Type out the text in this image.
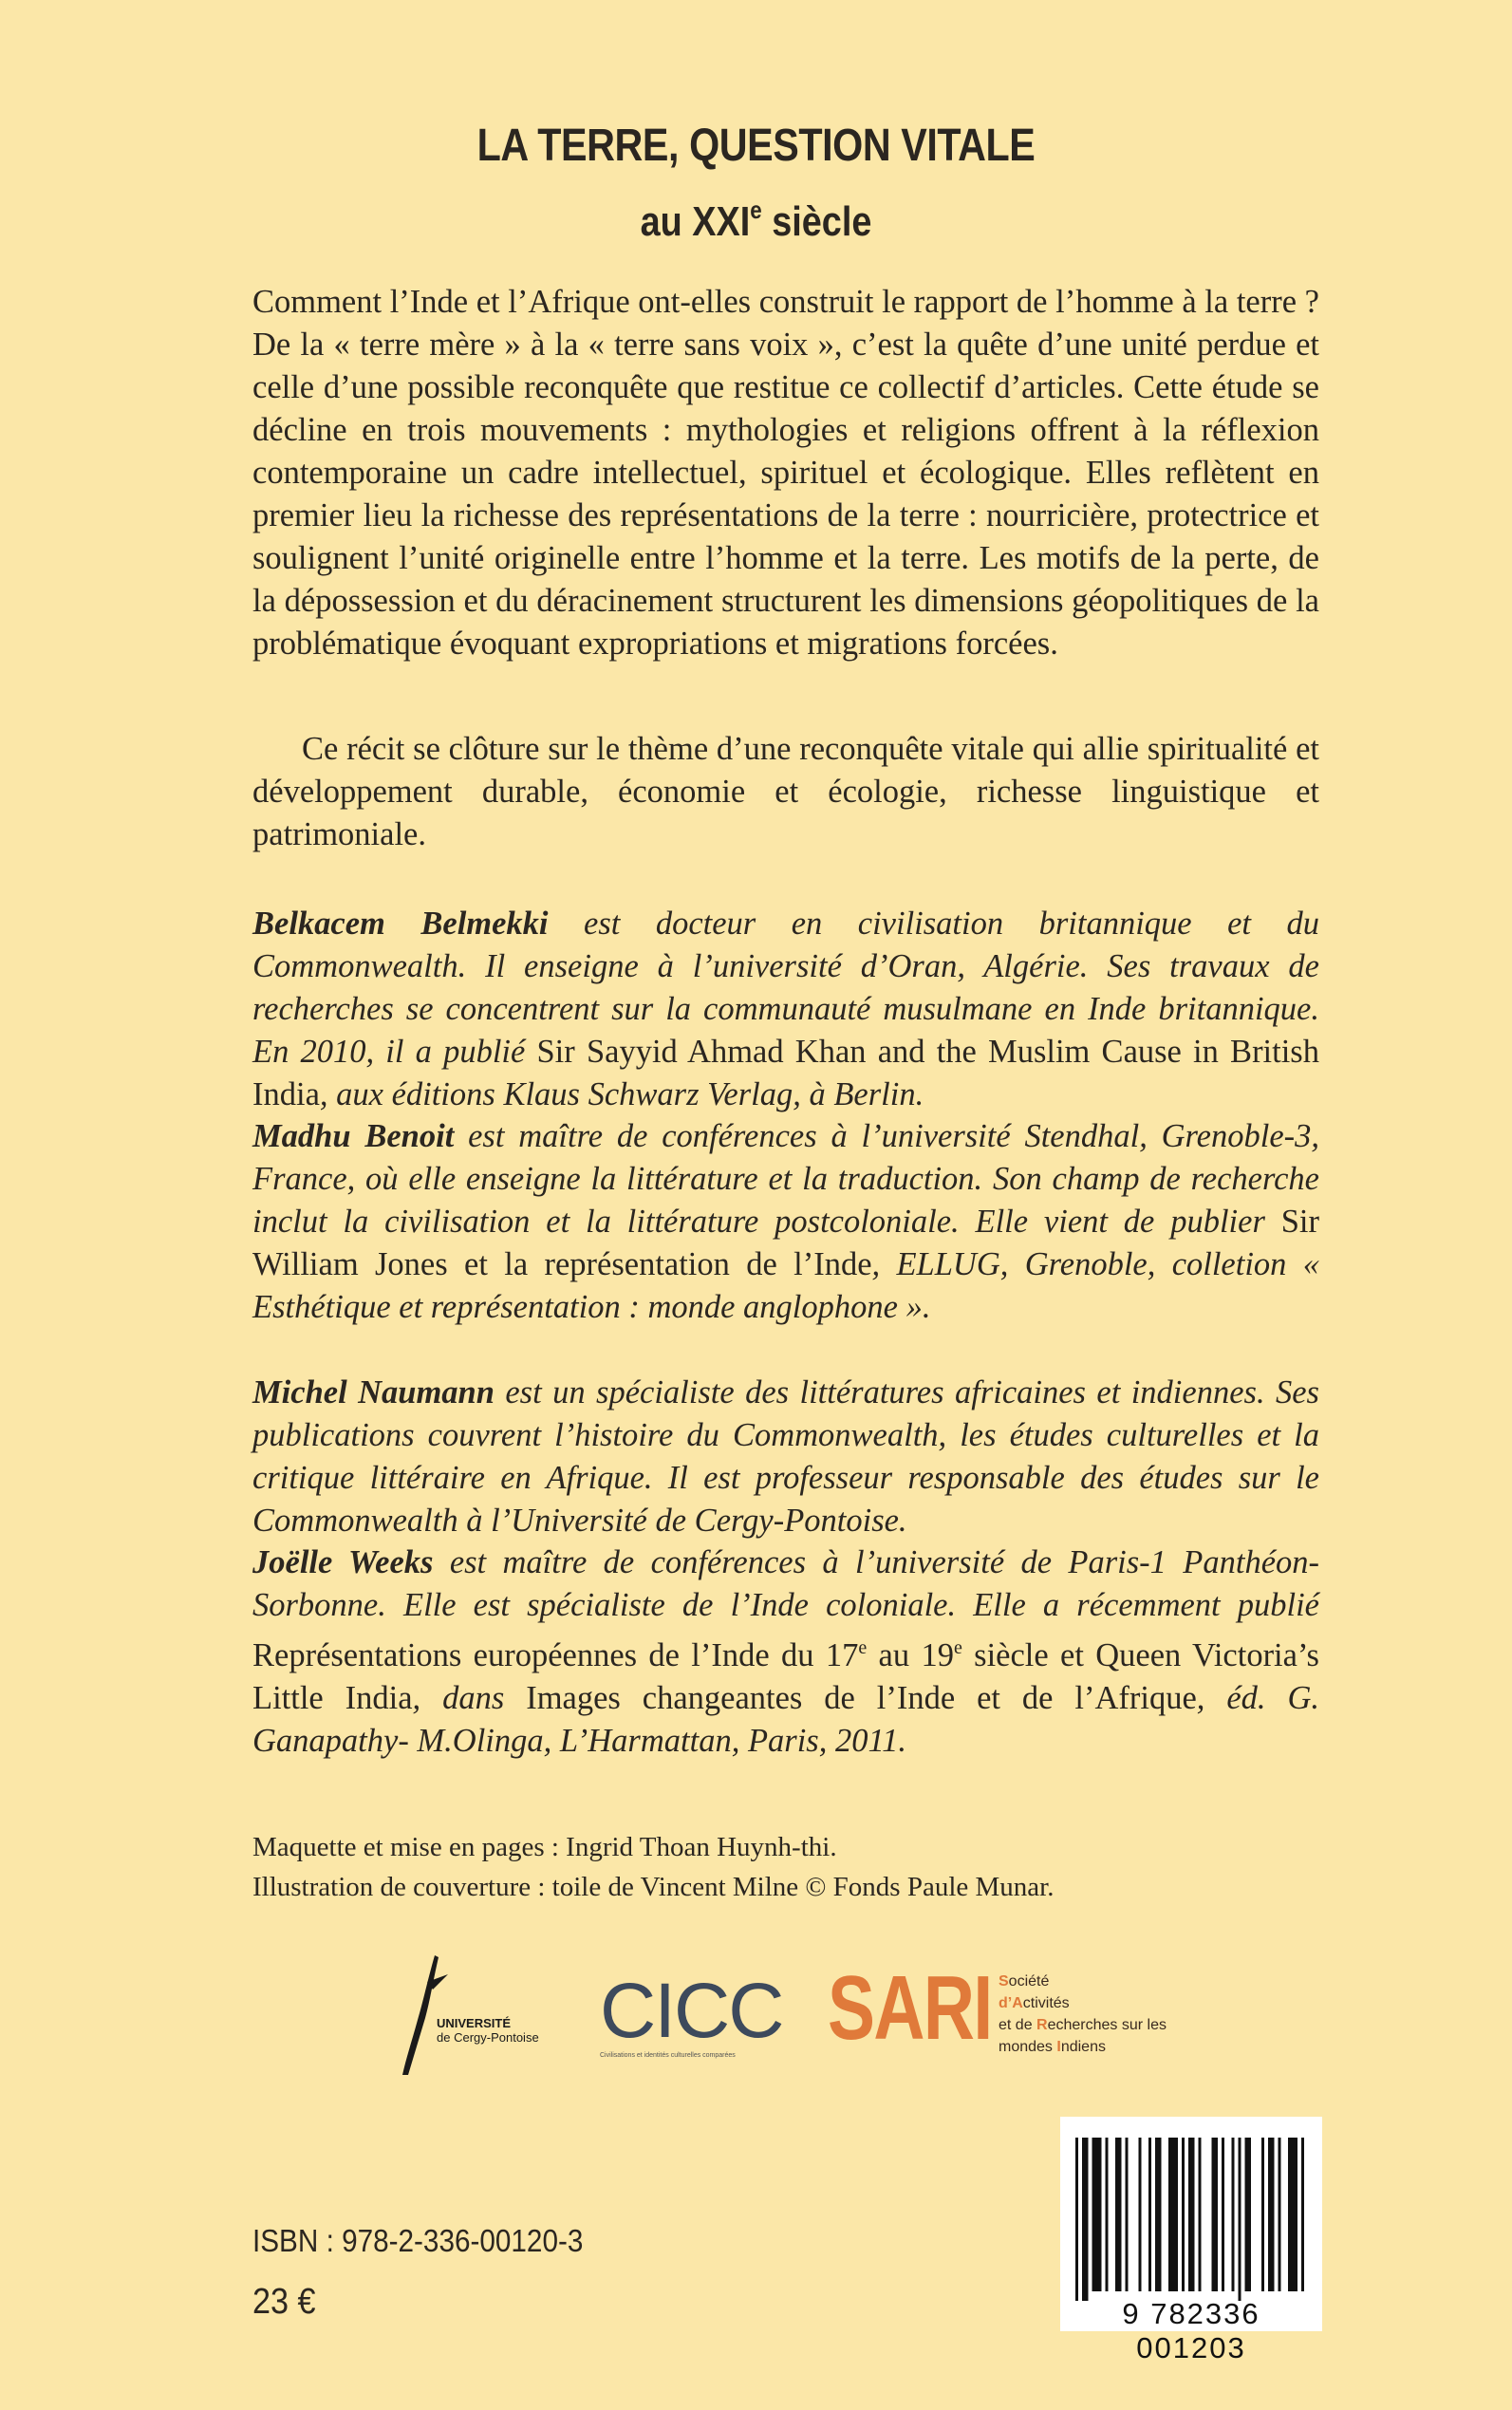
LA TERRE, QUESTION VITALE
au XXIe siècle
Comment l’Inde et l’Afrique ont-elles construit le rapport de l’homme à la terre ? De la « terre mère » à la « terre sans voix », c’est la quête d’une unité perdue et celle d’une possible reconquête que restitue ce collectif d’articles. Cette étude se décline en trois mouvements : mythologies et religions offrent à la réflexion contemporaine un cadre intellectuel, spirituel et écologique. Elles reflètent en premier lieu la richesse des représentations de la terre : nourricière, protectrice et soulignent l’unité originelle entre l’homme et la terre. Les motifs de la perte, de la dépossession et du déracinement structurent les dimensions géopolitiques de la problématique évoquant expropriations et migrations forcées.
Ce récit se clôture sur le thème d’une reconquête vitale qui allie spiritualité et développement durable, économie et écologie, richesse linguistique et patrimoniale.
Belkacem Belmekki est docteur en civilisation britannique et du Commonwealth. Il enseigne à l’université d’Oran, Algérie. Ses travaux de recherches se concentrent sur la communauté musulmane en Inde britannique. En 2010, il a publié Sir Sayyid Ahmad Khan and the Muslim Cause in British India, aux éditions Klaus Schwarz Verlag, à Berlin.
Madhu Benoit est maître de conférences à l’université Stendhal, Grenoble-3, France, où elle enseigne la littérature et la traduction. Son champ de recherche inclut la civilisation et la littérature postcoloniale. Elle vient de publier Sir William Jones et la représentation de l’Inde, ELLUG, Grenoble, colletion « Esthétique et représentation : monde anglophone ».
Michel Naumann est un spécialiste des littératures africaines et indiennes. Ses publications couvrent l’histoire du Commonwealth, les études culturelles et la critique littéraire en Afrique. Il est professeur responsable des études sur le Commonwealth à l’Université de Cergy-Pontoise.
Joëlle Weeks est maître de conférences à l’université de Paris-1 Panthéon-Sorbonne. Elle est spécialiste de l’Inde coloniale. Elle a récemment publié Représentations européennes de l’Inde du 17e au 19e siècle et Queen Victoria’s Little India, dans Images changeantes de l’Inde et de l’Afrique, éd. G. Ganapathy- M.Olinga, L’Harmattan, Paris, 2011.
Maquette et mise en pages : Ingrid Thoan Huynh-thi.
Illustration de couverture : toile de Vincent Milne © Fonds Paule Munar.
UNIVERSITÉ
de Cergy-Pontoise CICC
Civilisations et identités culturelles comparées	SARI Société
d’Activités
et de Recherches sur les
mondes Indiens
ISBN : 978-2-336-00120-3
23 €	9 782336 001203
